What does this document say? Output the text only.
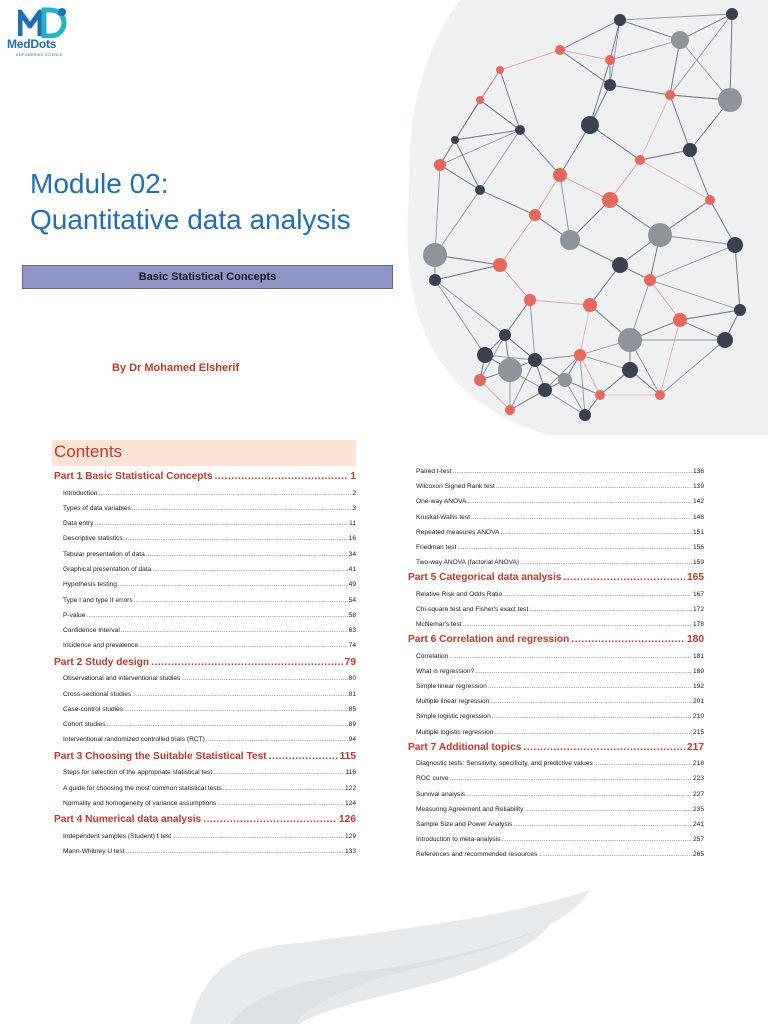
MedDots
EMPOWERING SCIENCE
Module 02:
Quantitative data analysis
Basic Statistical Concepts
By Dr Mohamed Elsherif
Contents
Part 1 Basic Statistical Concepts .....	1
Introduction .....	2
Types of data variables .....	3
Data entry .....	11
Descriptive statistics .....	16
Tabular presentation of data .....	34
Graphical presentation of data .....	41
Hypothesis testing .....	49
Type I and type II errors .....	54
P-value .....	58
Confidence Interval .....	63
Incidence and prevalence .....	74
Part 2 Study design .....	79
Observational and interventional studies .....	80
Cross-sectional studies .....	81
Case-control studies .....	85
Cohort studies .....	89
Interventional randomized controlled trials (RCT) .....	94
Part 3 Choosing the Suitable Statistical Test .....	115
Steps for selection of the appropriate statistical test .....	116
A guide for choosing the most common statistical tests .....	122
Normality and homogeneity of variance assumptions .....	124
Part 4 Numerical data analysis .....	126
Independent samples (Student) t test .....	129
Mann-Whitney U test .....	133
Paired t-test .....	136
Wilcoxon Signed Rank test .....	139
One-way ANOVA .....	142
Kruskal-Wallis test .....	148
Repeated measures ANOVA .....	151
Friedman test .....	156
Two-way ANOVA (factorial ANOVA) .....	159
Part 5 Categorical data analysis .....	165
Relative Risk and Odds Ratio .....	167
Chi-square test and Fisher's exact test .....	172
McNemar's test .....	178
Part 6 Correlation and regression .....	180
Correlation .....	181
What is regression? .....	189
Simple linear regression .....	192
Multiple linear regression .....	201
Simple logistic regression .....	210
Multiple logistic regression .....	215
Part 7 Additional topics .....	217
Diagnostic tests: Sensitivity, specificity, and predictive values .....	218
ROC curve .....	223
Survival analysis .....	227
Measuring Agreement and Reliability .....	235
Sample Size and Power Analysis .....	241
Introduction to meta-analysis .....	257
References and recommended resources .....	265
